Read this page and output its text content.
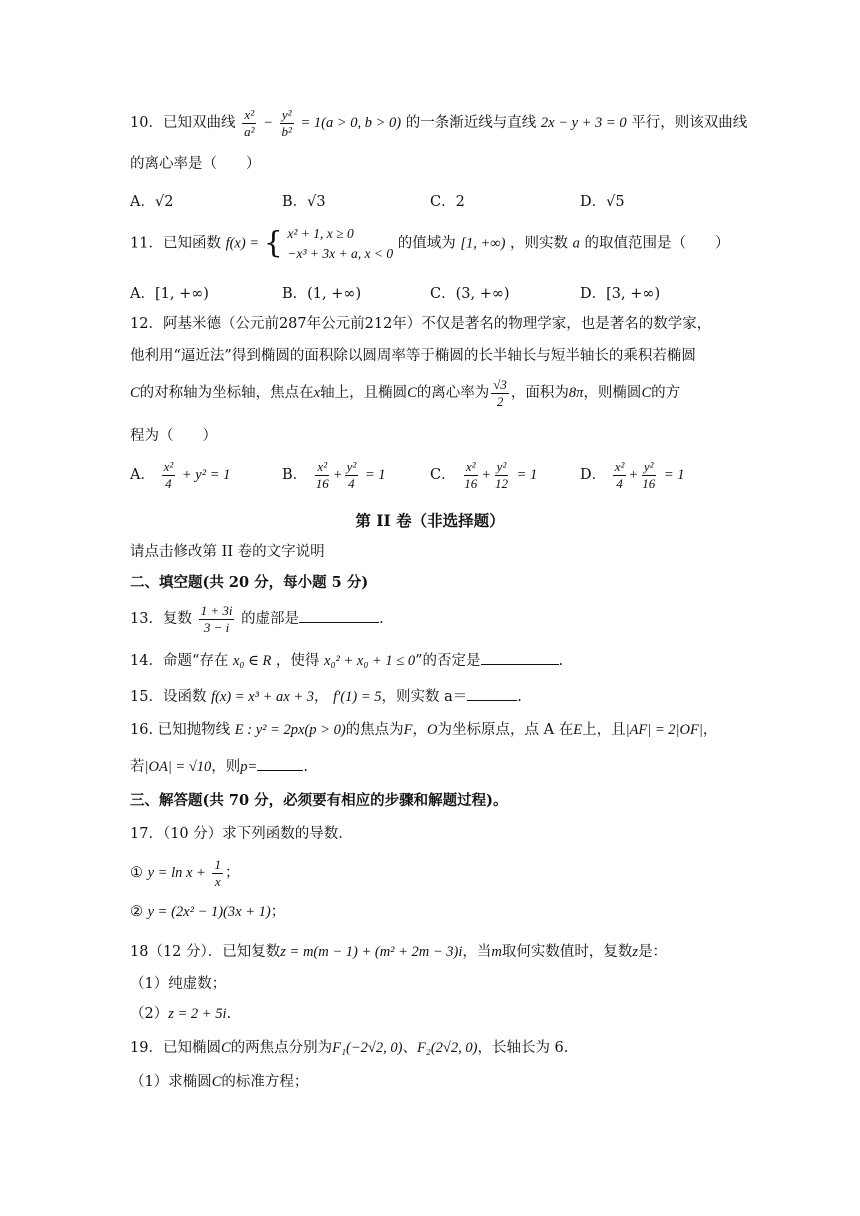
10．已知双曲线 $\frac{\text{x²}}{\text{a²}} - \frac{\text{y²}}{\text{b²}} = 1(a > 0$, b > 0) 的一条渐近线与直线 2x − y + 3 = 0 平行，则该双曲线
的离心率是（　　）
A．√2	B．√3	C．2	D．√5
11．已知函数 f(x) = { x² + 1, x ≥ 0
−x³ + 3x + a, x < 0
的值域为 [1, +∞) ，则实数 a 的取值范围是（　　）
A．[1, +∞)	B．(1, +∞)	C．(3, +∞)	D．[3, +∞)
12．阿基米德（公元前287年公元前212年）不仅是著名的物理学家，也是著名的数学家，
他利用“逼近法”得到椭圆的面积除以圆周率等于椭圆的长半轴长与短半轴长的乘积若椭圆
C的对称轴为坐标轴，焦点在x轴上，且椭圆C的离心率为 $\frac{√3}{2}$ ，面积为8π，则椭圆C的方
程为（　　）
A． $\frac{\text{x²}}{4} + y^2 = 1$	B． $\frac{\text{x²}}{16} + \frac{\text{y²}}{4} = 1$	C． $\frac{\text{x²}}{16} + \frac{\text{y²}}{12} = 1$	D． $\frac{\text{x²}}{4} + \frac{\text{y²}}{16} = 1$
第 II 卷（非选择题）
请点击修改第 II 卷的文字说明
二、填空题(共 20 分，每小题 5 分)
13．复数 $\frac{1 + 3i}{3 - i}$ 的虚部是	.
14．命题“存在 x₀ ∈ R ，使得 x₀² + x₀ + 1 ≤ 0”的否定是	.
15．设函数 f(x) = x³ + ax + 3， f′(1) = 5，则实数 a＝	.
16. 已知抛物线 E : y² = 2px(p > 0)的焦点为F，O为坐标原点，点 A 在E上，且|AF| = 2|OF|，
若|OA| = √10，则p=	.
三、解答题(共 70 分，必须要有相应的步骤和解题过程)。
17．（10 分）求下列函数的导数．
① $y = \ln x + \frac{1}{x}$ ；
② y = (2x² − 1)(3x + 1)；
18（12 分）．已知复数z = m(m − 1) + (m² + 2m − 3)i，当m取何实数值时，复数z是：
（1）纯虚数；
（2）z = 2 + 5i.
19．已知椭圆C的两焦点分别为F₁(−2√2, 0)、F₂(2√2, 0)，长轴长为 6.
（1）求椭圆C的标准方程；
